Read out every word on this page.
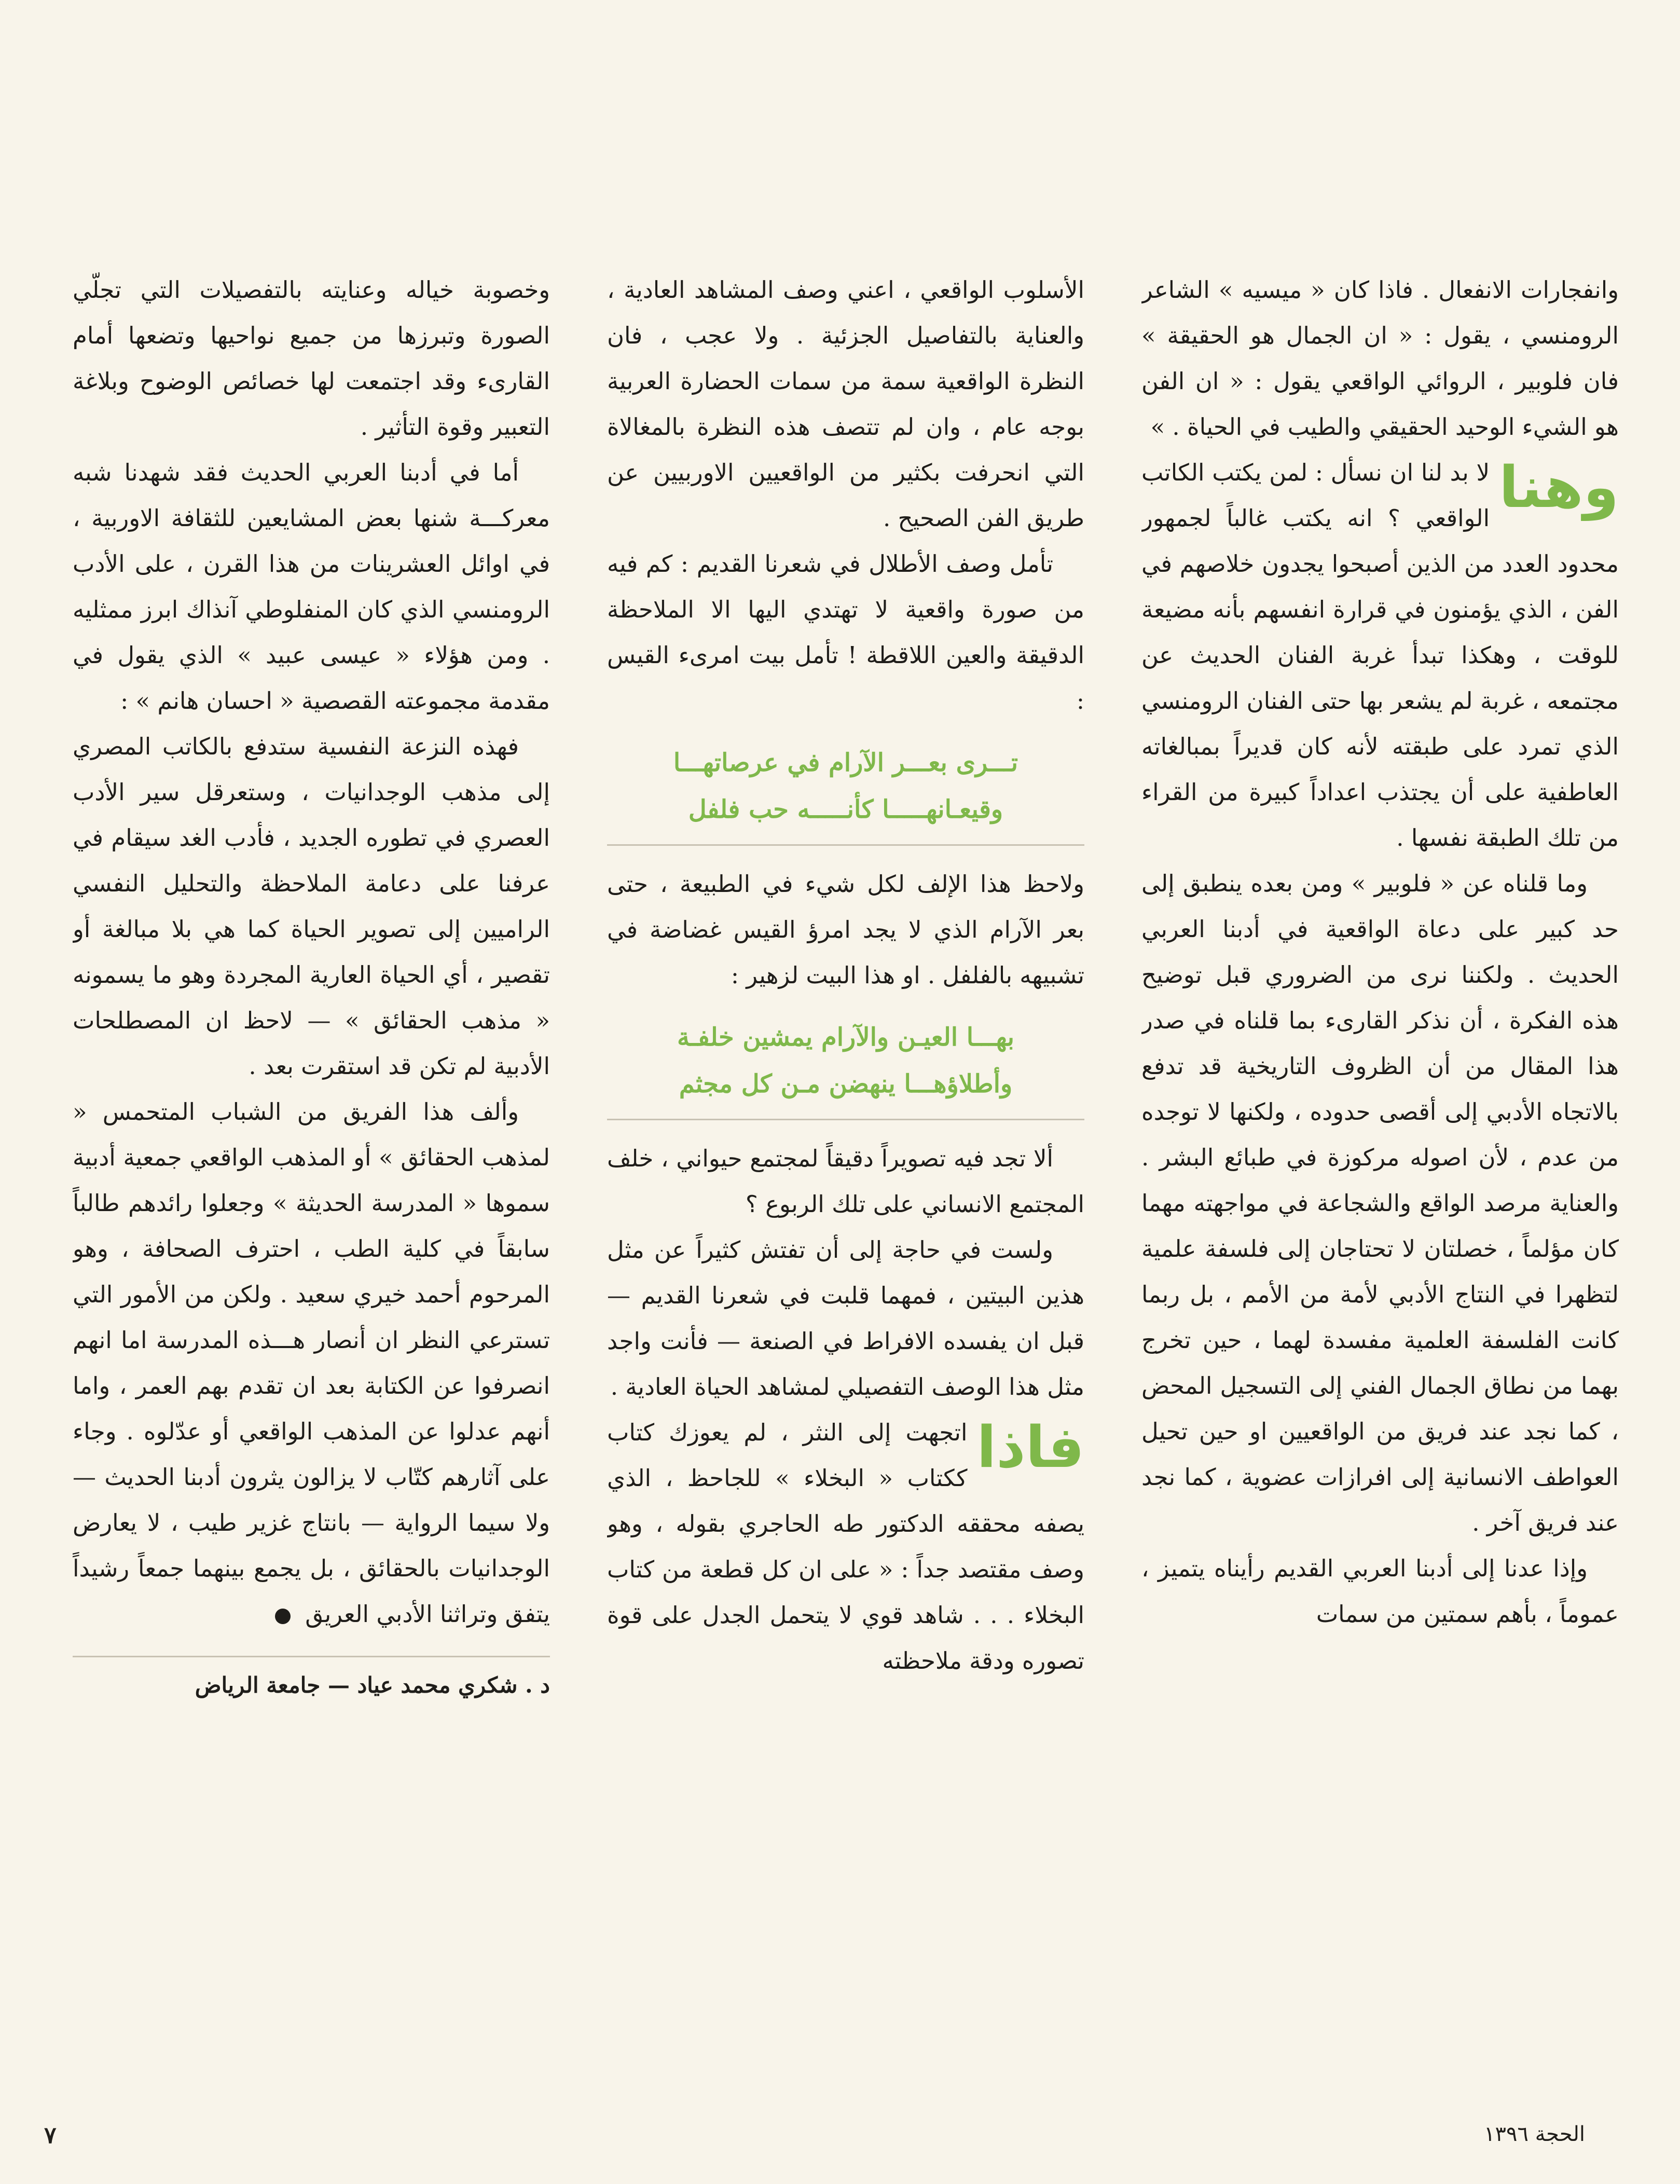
وانفجارات الانفعال . فاذا كان « ميسيه » الشاعر الرومنسي ، يقول : « ان الجمال هو الحقيقة » فان فلوبير ، الروائي الواقعي يقول : « ان الفن هو الشيء الوحيد الحقيقي والطيب في الحياة . »

وهنا
لا بد لنا ان نسأل : لمن يكتب الكاتب الواقعي ؟ انه يكتب غالباً لجمهور محدود العدد من الذين أصبحوا يجدون خلاصهم في الفن ، الذي يؤمنون في قرارة انفسهم بأنه مضيعة للوقت ، وهكذا تبدأ غربة الفنان الحديث عن مجتمعه ، غربة لم يشعر بها حتى الفنان الرومنسي الذي تمرد على طبقته لأنه كان قديراً بمبالغاته العاطفية على أن يجتذب اعداداً كبيرة من القراء من تلك الطبقة نفسها .

وما قلناه عن « فلوبير » ومن بعده ينطبق إلى حد كبير على دعاة الواقعية في أدبنا العربي الحديث . ولكننا نرى من الضروري قبل توضيح هذه الفكرة ، أن نذكر القارىء بما قلناه في صدر هذا المقال من أن الظروف التاريخية قد تدفع بالاتجاه الأدبي إلى أقصى حدوده ، ولكنها لا توجده من عدم ، لأن اصوله مركوزة في طبائع البشر . والعناية مرصد الواقع والشجاعة في مواجهته مهما كان مؤلماً ، خصلتان لا تحتاجان إلى فلسفة علمية لتظهرا في النتاج الأدبي لأمة من الأمم ، بل ربما كانت الفلسفة العلمية مفسدة لهما ، حين تخرج بهما من نطاق الجمال الفني إلى التسجيل المحض ، كما نجد عند فريق من الواقعيين او حين تحيل العواطف الانسانية إلى افرازات عضوية ، كما نجد عند فريق آخر .

وإذا عدنا إلى أدبنا العربي القديم رأيناه يتميز ، عموماً ، بأهم سمتين من سمات

الأسلوب الواقعي ، اعني وصف المشاهد العادية ، والعناية بالتفاصيل الجزئية . ولا عجب ، فان النظرة الواقعية سمة من سمات الحضارة العربية بوجه عام ، وان لم تتصف هذه النظرة بالمغالاة التي انحرفت بكثير من الواقعيين الاوربيين عن طريق الفن الصحيح .

تأمل وصف الأطلال في شعرنا القديم : كم فيه من صورة واقعية لا تهتدي اليها الا الملاحظة الدقيقة والعين اللاقطة ! تأمل بيت امرىء القيس :

تـــرى بعـــر الآرام في عرصاتهـــا
وقيعـانهـــــا كأنـــــه حب فلفل

ولاحظ هذا الإلف لكل شيء في الطبيعة ، حتى بعر الآرام الذي لا يجد امرؤ القيس غضاضة في تشبيهه بالفلفل . او هذا البيت لزهير :

بهـــا العيـن والآرام يمشين خلفـة
وأطلاؤهـــا ينهضن مـن كل مجثم

ألا تجد فيه تصويراً دقيقاً لمجتمع حيواني ، خلف المجتمع الانساني على تلك الربوع ؟

ولست في حاجة إلى أن تفتش كثيراً عن مثل هذين البيتين ، فمهما قلبت في شعرنا القديم — قبل ان يفسده الافراط في الصنعة — فأنت واجد مثل هذا الوصف التفصيلي لمشاهد الحياة العادية .

فاذا
اتجهت إلى النثر ، لم يعوزك كتاب ككتاب « البخلاء » للجاحظ ، الذي يصفه محققه الدكتور طه الحاجري بقوله ، وهو وصف مقتصد جداً : « على ان كل قطعة من كتاب البخلاء . . . شاهد قوي لا يتحمل الجدل على قوة تصوره ودقة ملاحظته

وخصوبة خياله وعنايته بالتفصيلات التي تجلّي الصورة وتبرزها من جميع نواحيها وتضعها أمام القارىء وقد اجتمعت لها خصائص الوضوح وبلاغة التعبير وقوة التأثير .

أما في أدبنا العربي الحديث فقد شهدنا شبه معركـــة شنها بعض المشايعين للثقافة الاوربية ، في اوائل العشرينات من هذا القرن ، على الأدب الرومنسي الذي كان المنفلوطي آنذاك ابرز ممثليه . ومن هؤلاء « عيسى عبيد » الذي يقول في مقدمة مجموعته القصصية « احسان هانم » :

فهذه النزعة النفسية ستدفع بالكاتب المصري إلى مذهب الوجدانيات ، وستعرقل سير الأدب العصري في تطوره الجديد ، فأدب الغد سيقام في عرفنا على دعامة الملاحظة والتحليل النفسي الراميين إلى تصوير الحياة كما هي بلا مبالغة أو تقصير ، أي الحياة العارية المجردة وهو ما يسمونه « مذهب الحقائق » — لاحظ ان المصطلحات الأدبية لم تكن قد استقرت بعد .

وألف هذا الفريق من الشباب المتحمس « لمذهب الحقائق » أو المذهب الواقعي جمعية أدبية سموها « المدرسة الحديثة » وجعلوا رائدهم طالباً سابقاً في كلية الطب ، احترف الصحافة ، وهو المرحوم أحمد خيري سعيد . ولكن من الأمور التي تسترعي النظر ان أنصار هـــذه المدرسة اما انهم انصرفوا عن الكتابة بعد ان تقدم بهم العمر ، واما أنهم عدلوا عن المذهب الواقعي أو عدّلوه . وجاء على آثارهم كتّاب لا يزالون يثرون أدبنا الحديث — ولا سيما الرواية — بانتاج غزير طيب ، لا يعارض الوجدانيات بالحقائق ، بل يجمع بينهما جمعاً رشيداً يتفق وتراثنا الأدبي العريق

د . شكري محمد عياد — جامعة الرياض

٧	الحجة ١٣٩٦
